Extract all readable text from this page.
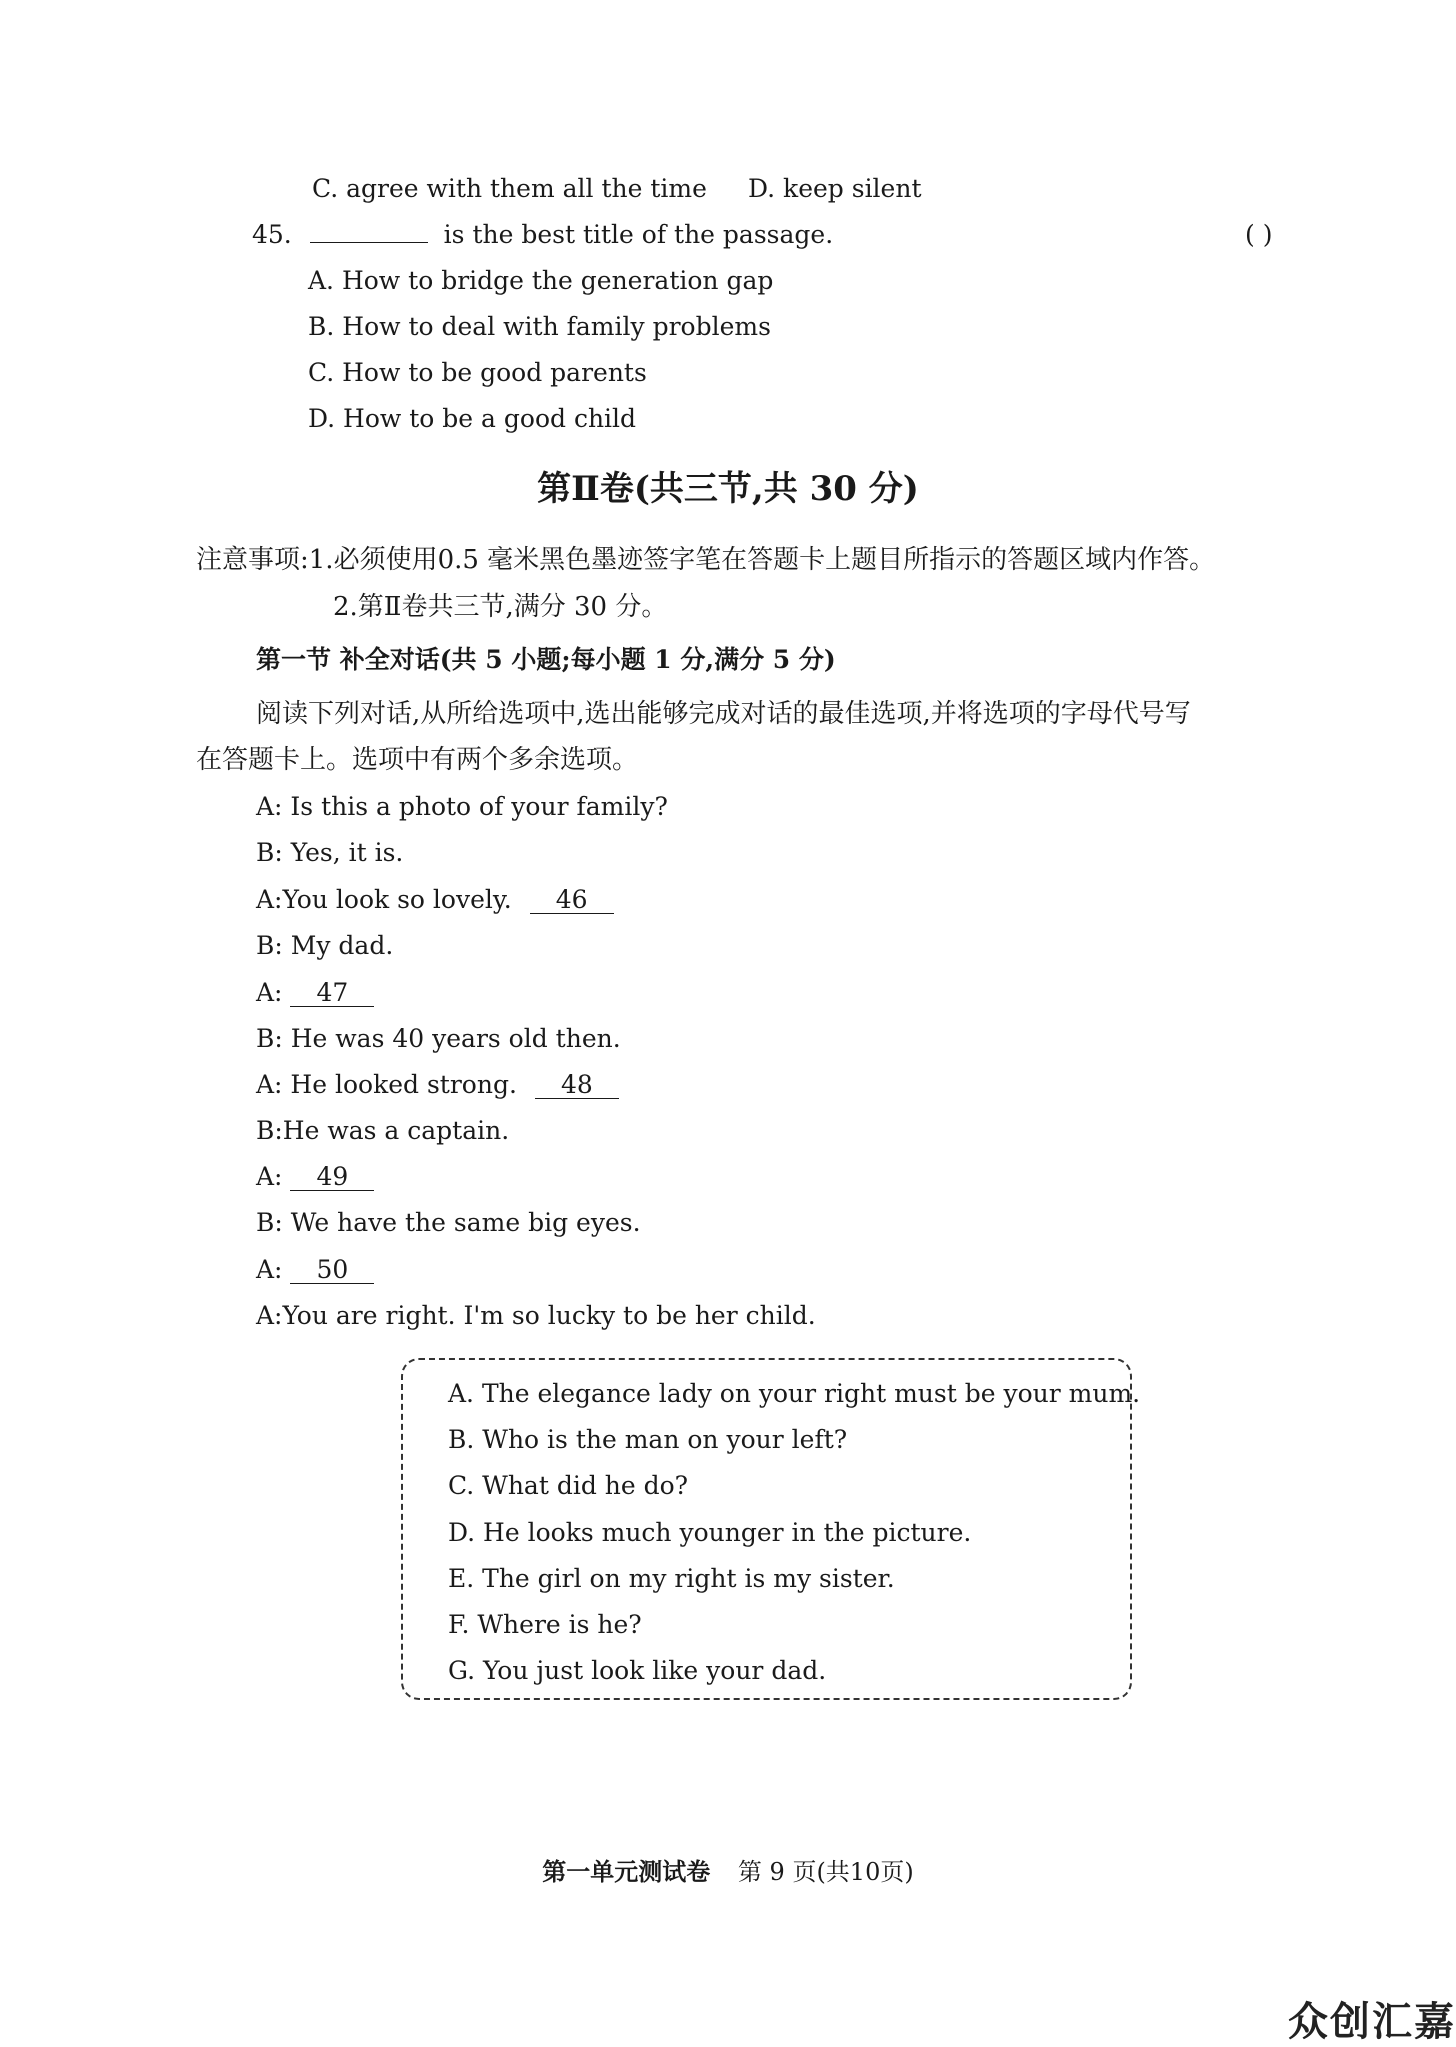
C. agree with them all the time D. keep silent
45.	is the best title of the passage.	( )
A. How to bridge the generation gap
B. How to deal with family problems
C. How to be good parents
D. How to be a good child
第Ⅱ卷(共三节,共 30 分)
注意事项:1.必须使用0.5 毫米黑色墨迹签字笔在答题卡上题目所指示的答题区域内作答。
2.第Ⅱ卷共三节,满分 30 分。
第一节 补全对话(共 5 小题;每小题 1 分,满分 5 分)
阅读下列对话,从所给选项中,选出能够完成对话的最佳选项,并将选项的字母代号写
在答题卡上。选项中有两个多余选项。
A: Is this a photo of your family?
B: Yes, it is.
A:You look so lovely. 46
B: My dad.
A: 47
B: He was 40 years old then.
A: He looked strong. 48
B:He was a captain.
A: 49
B: We have the same big eyes.
A: 50
A:You are right. I'm so lucky to be her child.
A. The elegance lady on your right must be your mum.
B. Who is the man on your left?
C. What did he do?
D. He looks much younger in the picture.
E. The girl on my right is my sister.
F. Where is he?
G. You just look like your dad.
第一单元测试卷 第 9 页(共10页)
众创汇嘉
